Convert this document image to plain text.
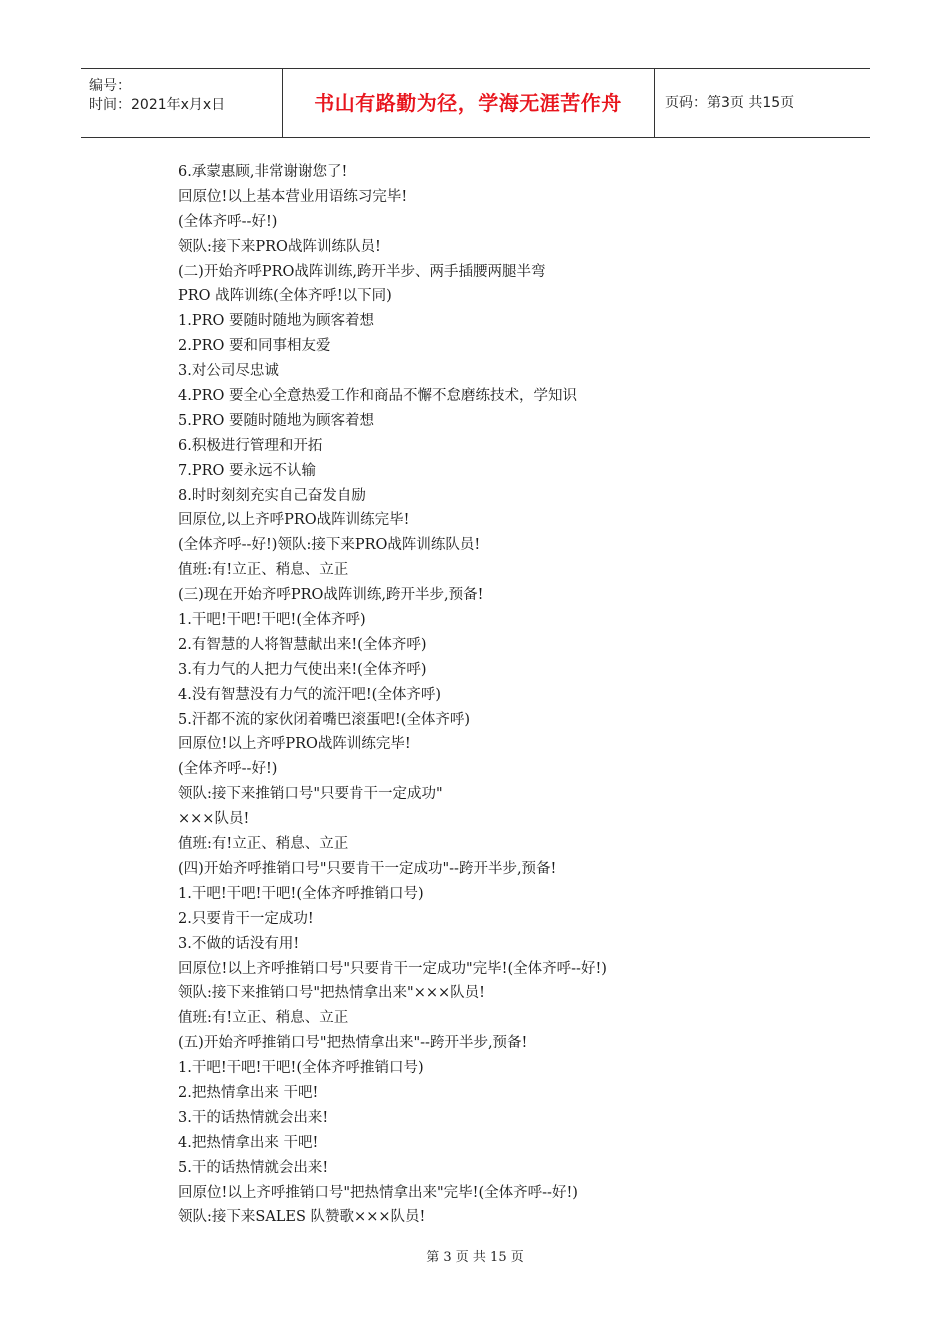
编号：
时间：2021年x月x日	书山有路勤为径，学海无涯苦作舟	页码：第3页 共15页
6.承蒙惠顾,非常谢谢您了!
回原位!以上基本营业用语练习完毕!
(全体齐呼--好!)
领队:接下来PRO战阵训练队员!
(二)开始齐呼PRO战阵训练,跨开半步、两手插腰两腿半弯
PRO 战阵训练(全体齐呼!以下同)
1.PRO 要随时随地为顾客着想
2.PRO 要和同事相友爱
3.对公司尽忠诚
4.PRO 要全心全意热爱工作和商品不懈不怠磨练技术，学知识
5.PRO 要随时随地为顾客着想
6.积极进行管理和开拓
7.PRO 要永远不认输
8.时时刻刻充实自己奋发自励
回原位,以上齐呼PRO战阵训练完毕!
(全体齐呼--好!)领队:接下来PRO战阵训练队员!
值班:有!立正、稍息、立正
(三)现在开始齐呼PRO战阵训练,跨开半步,预备!
1.干吧!干吧!干吧!(全体齐呼)
2.有智慧的人将智慧献出来!(全体齐呼)
3.有力气的人把力气使出来!(全体齐呼)
4.没有智慧没有力气的流汗吧!(全体齐呼)
5.汗都不流的家伙闭着嘴巴滚蛋吧!(全体齐呼)
回原位!以上齐呼PRO战阵训练完毕!
(全体齐呼--好!)
领队:接下来推销口号"只要肯干一定成功"
×××队员!
值班:有!立正、稍息、立正
(四)开始齐呼推销口号"只要肯干一定成功"--跨开半步,预备!
1.干吧!干吧!干吧!(全体齐呼推销口号)
2.只要肯干一定成功!
3.不做的话没有用!
回原位!以上齐呼推销口号"只要肯干一定成功"完毕!(全体齐呼--好!)
领队:接下来推销口号"把热情拿出来"×××队员!
值班:有!立正、稍息、立正
(五)开始齐呼推销口号"把热情拿出来"--跨开半步,预备!
1.干吧!干吧!干吧!(全体齐呼推销口号)
2.把热情拿出来 干吧!
3.干的话热情就会出来!
4.把热情拿出来 干吧!
5.干的话热情就会出来!
回原位!以上齐呼推销口号"把热情拿出来"完毕!(全体齐呼--好!)
领队:接下来SALES 队赞歌×××队员!
第 3 页 共 15 页
